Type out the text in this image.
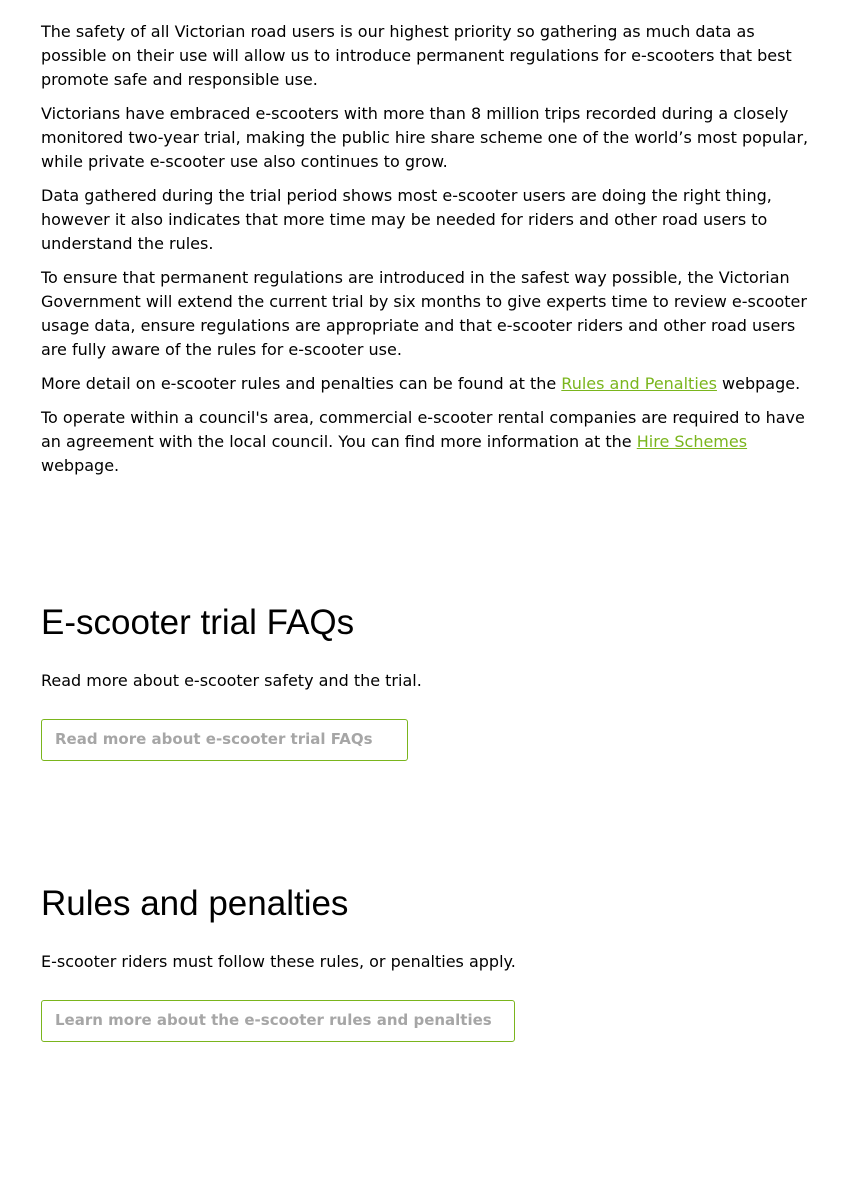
The safety of all Victorian road users is our highest priority so gathering as much data as possible on their use will allow us to introduce permanent regulations for e-scooters that best promote safe and responsible use.

Victorians have embraced e-scooters with more than 8 million trips recorded during a closely monitored two-year trial, making the public hire share scheme one of the world’s most popular, while private e-scooter use also continues to grow.

Data gathered during the trial period shows most e-scooter users are doing the right thing, however it also indicates that more time may be needed for riders and other road users to understand the rules.

To ensure that permanent regulations are introduced in the safest way possible, the Victorian Government will extend the current trial by six months to give experts time to review e-scooter usage data, ensure regulations are appropriate and that e-scooter riders and other road users are fully aware of the rules for e-scooter use.

More detail on e-scooter rules and penalties can be found at the Rules and Penalties webpage.

To operate within a council's area, commercial e-scooter rental companies are required to have an agreement with the local council. You can find more information at the Hire Schemes webpage.

E-scooter trial FAQs

Read more about e-scooter safety and the trial.

Read more about e-scooter trial FAQs
Rules and penalties

E-scooter riders must follow these rules, or penalties apply.

Learn more about the e-scooter rules and penalties
